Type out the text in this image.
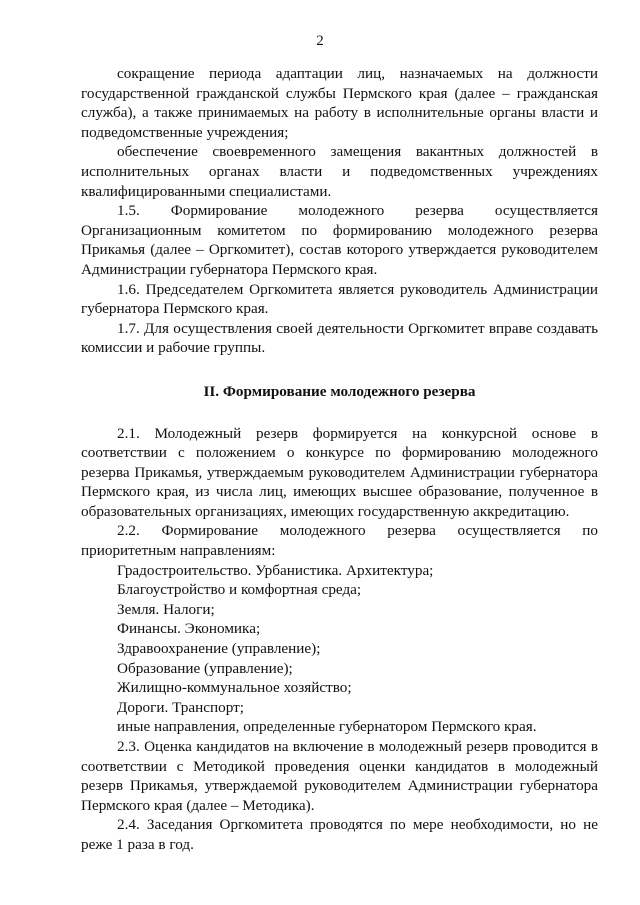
2

сокращение периода адаптации лиц, назначаемых на должности государственной гражданской службы Пермского края (далее – гражданская служба), а также принимаемых на работу в исполнительные органы власти и подведомственные учреждения;

обеспечение своевременного замещения вакантных должностей в исполнительных органах власти и подведомственных учреждениях квалифицированными специалистами.

1.5. Формирование молодежного резерва осуществляется Организационным комитетом по формированию молодежного резерва Прикамья (далее – Оргкомитет), состав которого утверждается руководителем Администрации губернатора Пермского края.

1.6. Председателем Оргкомитета является руководитель Администрации губернатора Пермского края.

1.7. Для осуществления своей деятельности Оргкомитет вправе создавать комиссии и рабочие группы.

II. Формирование молодежного резерва

2.1. Молодежный резерв формируется на конкурсной основе в соответствии с положением о конкурсе по формированию молодежного резерва Прикамья, утверждаемым руководителем Администрации губернатора Пермского края, из числа лиц, имеющих высшее образование, полученное в образовательных организациях, имеющих государственную аккредитацию.

2.2. Формирование молодежного резерва осуществляется по приоритетным направлениям:

Градостроительство. Урбанистика. Архитектура;

Благоустройство и комфортная среда;

Земля. Налоги;

Финансы. Экономика;

Здравоохранение (управление);

Образование (управление);

Жилищно-коммунальное хозяйство;

Дороги. Транспорт;

иные направления, определенные губернатором Пермского края.

2.3. Оценка кандидатов на включение в молодежный резерв проводится в соответствии с Методикой проведения оценки кандидатов в молодежный резерв Прикамья, утверждаемой руководителем Администрации губернатора Пермского края (далее – Методика).

2.4. Заседания Оргкомитета проводятся по мере необходимости, но не реже 1 раза в год.
